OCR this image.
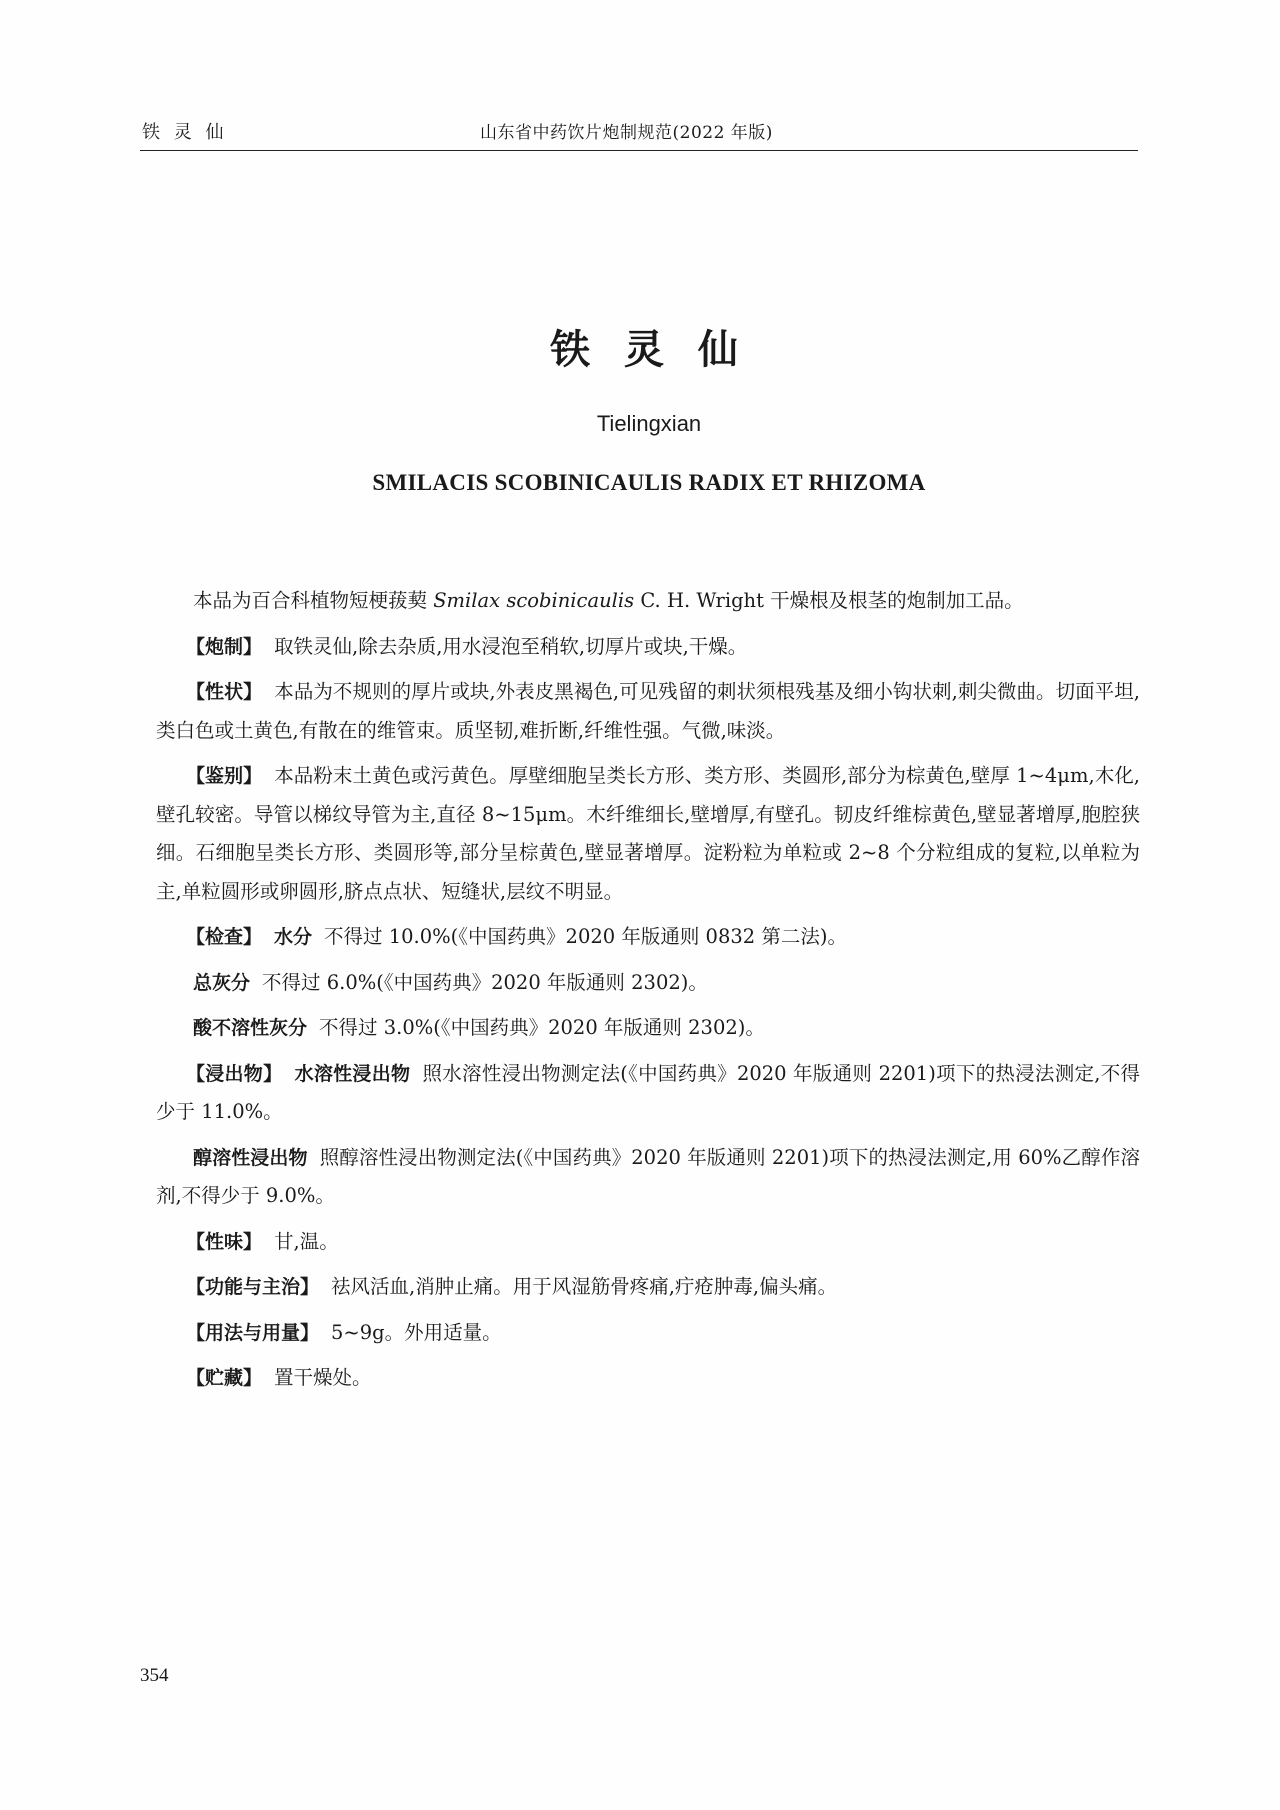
铁 灵 仙	山东省中药饮片炮制规范(2022 年版)
铁 灵 仙
Tielingxian
SMILACIS SCOBINICAULIS RADIX ET RHIZOMA

本品为百合科植物短梗菝葜 Smilax scobinicaulis C. H. Wright 干燥根及根茎的炮制加工品。

【炮制】 取铁灵仙,除去杂质,用水浸泡至稍软,切厚片或块,干燥。

【性状】 本品为不规则的厚片或块,外表皮黑褐色,可见残留的刺状须根残基及细小钩状刺,刺尖微曲。切面平坦,类白色或土黄色,有散在的维管束。质坚韧,难折断,纤维性强。气微,味淡。

【鉴别】 本品粉末土黄色或污黄色。厚壁细胞呈类长方形、类方形、类圆形,部分为棕黄色,壁厚 1~4μm,木化,壁孔较密。导管以梯纹导管为主,直径 8~15μm。木纤维细长,壁增厚,有壁孔。韧皮纤维棕黄色,壁显著增厚,胞腔狭细。石细胞呈类长方形、类圆形等,部分呈棕黄色,壁显著增厚。淀粉粒为单粒或 2~8 个分粒组成的复粒,以单粒为主,单粒圆形或卵圆形,脐点点状、短缝状,层纹不明显。

【检查】 水分 不得过 10.0%(《中国药典》2020 年版通则 0832 第二法)。

总灰分 不得过 6.0%(《中国药典》2020 年版通则 2302)。

酸不溶性灰分 不得过 3.0%(《中国药典》2020 年版通则 2302)。

【浸出物】 水溶性浸出物 照水溶性浸出物测定法(《中国药典》2020 年版通则 2201)项下的热浸法测定,不得少于 11.0%。

醇溶性浸出物 照醇溶性浸出物测定法(《中国药典》2020 年版通则 2201)项下的热浸法测定,用 60%乙醇作溶剂,不得少于 9.0%。

【性味】 甘,温。

【功能与主治】 祛风活血,消肿止痛。用于风湿筋骨疼痛,疔疮肿毒,偏头痛。

【用法与用量】 5~9g。外用适量。

【贮藏】 置干燥处。

354
